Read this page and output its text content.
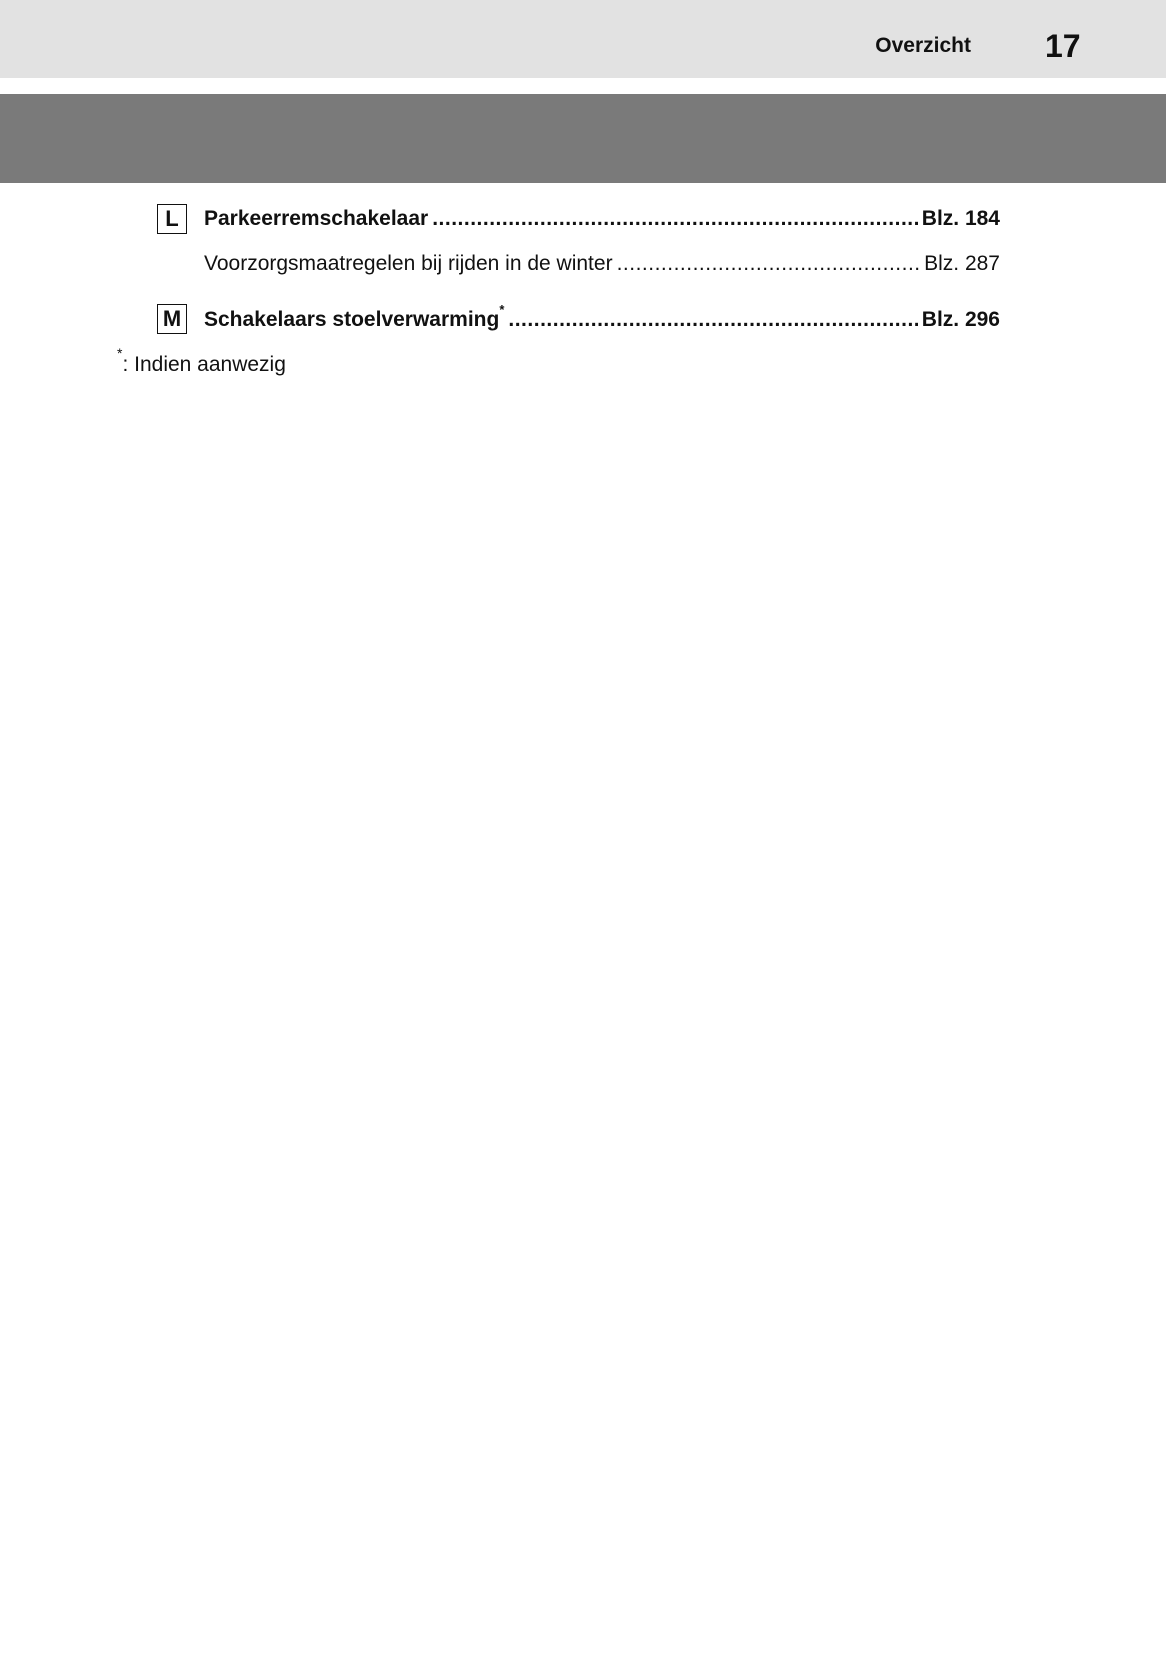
Overzicht 17
L	Parkeerremschakelaar .....	Blz. 184
Voorzorgsmaatregelen bij rijden in de winter .....	Blz. 287
M Schakelaars stoelverwarming* .....	Blz. 296
*: Indien aanwezig
